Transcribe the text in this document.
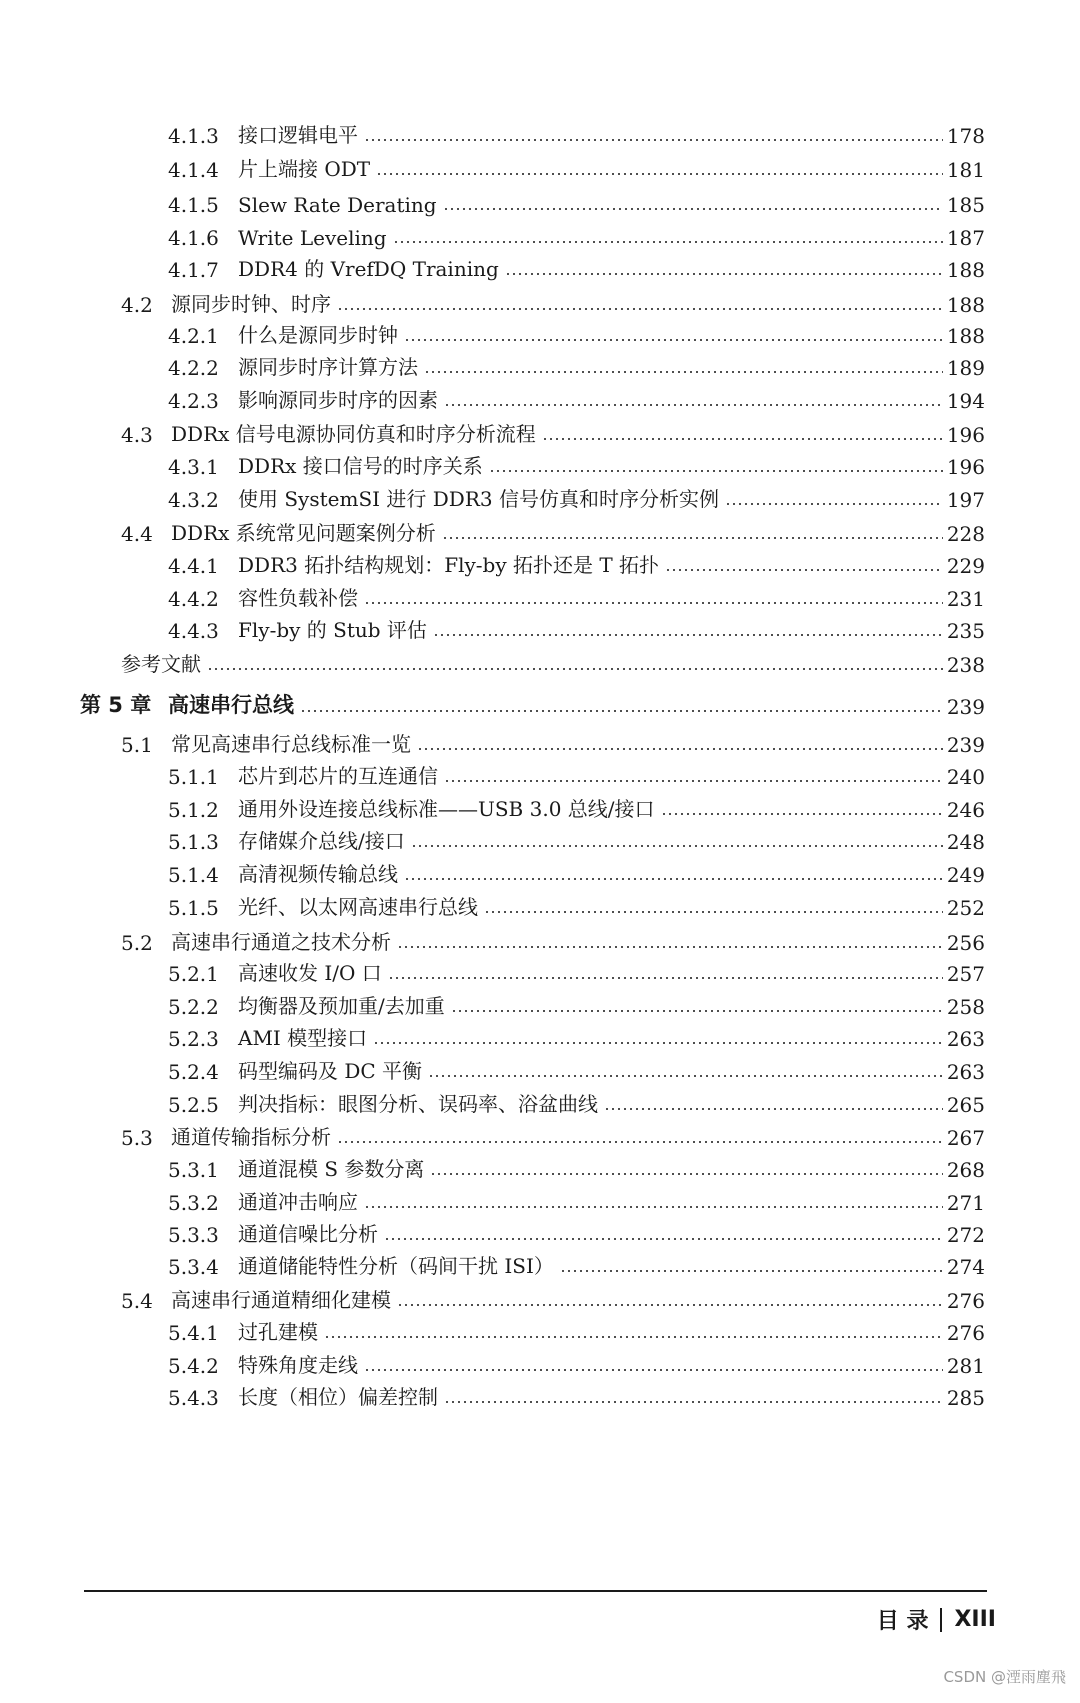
4.1.3 接口逻辑电平	178
4.1.4 片上端接 ODT	181
4.1.5 Slew Rate Derating	185
4.1.6 Write Leveling	187
4.1.7 DDR4 的 VrefDQ Training	188
4.2 源同步时钟、时序	188
4.2.1 什么是源同步时钟	188
4.2.2 源同步时序计算方法	189
4.2.3 影响源同步时序的因素	194
4.3 DDRx 信号电源协同仿真和时序分析流程	196
4.3.1 DDRx 接口信号的时序关系	196
4.3.2 使用 SystemSI 进行 DDR3 信号仿真和时序分析实例	197
4.4 DDRx 系统常见问题案例分析	228
4.4.1 DDR3 拓扑结构规划：Fly-by 拓扑还是 T 拓扑	229
4.4.2 容性负载补偿	231
4.4.3 Fly-by 的 Stub 评估	235
参考文献	238
第 5 章 高速串行总线	239
5.1 常见高速串行总线标准一览	239
5.1.1 芯片到芯片的互连通信	240
5.1.2 通用外设连接总线标准——USB 3.0 总线/接口	246
5.1.3 存储媒介总线/接口	248
5.1.4 高清视频传输总线	249
5.1.5 光纤、以太网高速串行总线	252
5.2 高速串行通道之技术分析	256
5.2.1 高速收发 I/O 口	257
5.2.2 均衡器及预加重/去加重	258
5.2.3 AMI 模型接口	263
5.2.4 码型编码及 DC 平衡	263
5.2.5 判决指标：眼图分析、误码率、浴盆曲线	265
5.3 通道传输指标分析	267
5.3.1 通道混模 S 参数分离	268
5.3.2 通道冲击响应	271
5.3.3 通道信噪比分析	272
5.3.4 通道储能特性分析（码间干扰 ISI）	274
5.4 高速串行通道精细化建模	276
5.4.1 过孔建模	276
5.4.2 特殊角度走线	281
5.4.3 长度（相位）偏差控制	285
目 录 XIII
CSDN @湮雨塵飛
